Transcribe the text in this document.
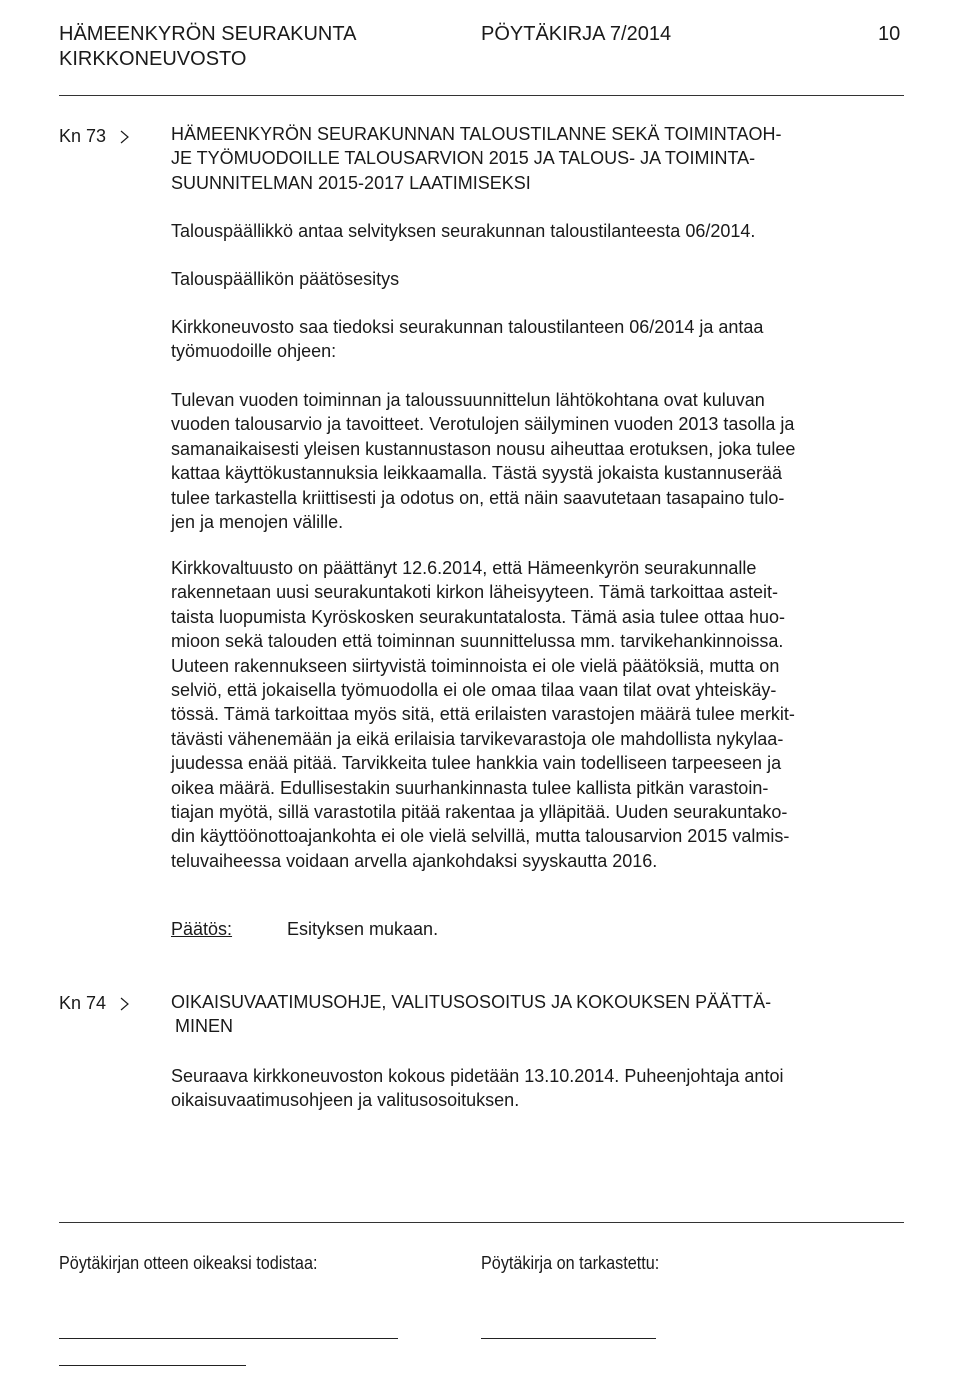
HÄMEENKYRÖN SEURAKUNTA
KIRKKONEUVOSTO
PÖYTÄKIRJA 7/2014	10
Kn 73	HÄMEENKYRÖN SEURAKUNNAN TALOUSTILANNE SEKÄ TOIMINTAOH-
JE TYÖMUODOILLE TALOUSARVION 2015 JA TALOUS- JA TOIMINTA-
SUUNNITELMAN 2015-2017 LAATIMISEKSI
Talouspäällikkö antaa selvityksen seurakunnan taloustilanteesta 06/2014.
Talouspäällikön päätösesitys
Kirkkoneuvosto saa tiedoksi seurakunnan taloustilanteen 06/2014 ja antaa
työmuodoille ohjeen:
Tulevan vuoden toiminnan ja taloussuunnittelun lähtökohtana ovat kuluvan
vuoden talousarvio ja tavoitteet. Verotulojen säilyminen vuoden 2013 tasolla ja
samanaikaisesti yleisen kustannustason nousu aiheuttaa erotuksen, joka tulee
kattaa käyttökustannuksia leikkaamalla. Tästä syystä jokaista kustannuserää
tulee tarkastella kriittisesti ja odotus on, että näin saavutetaan tasapaino tulo-
jen ja menojen välille.
Kirkkovaltuusto on päättänyt 12.6.2014, että Hämeenkyrön seurakunnalle
rakennetaan uusi seurakuntakoti kirkon läheisyyteen. Tämä tarkoittaa asteit-
taista luopumista Kyröskosken seurakuntatalosta. Tämä asia tulee ottaa huo-
mioon sekä talouden että toiminnan suunnittelussa mm. tarvikehankinnoissa.
Uuteen rakennukseen siirtyvistä toiminnoista ei ole vielä päätöksiä, mutta on
selviö, että jokaisella työmuodolla ei ole omaa tilaa vaan tilat ovat yhteiskäy-
tössä. Tämä tarkoittaa myös sitä, että erilaisten varastojen määrä tulee merkit-
tävästi vähenemään ja eikä erilaisia tarvikevarastoja ole mahdollista nykylaa-
juudessa enää pitää. Tarvikkeita tulee hankkia vain todelliseen tarpeeseen ja
oikea määrä. Edullisestakin suurhankinnasta tulee kallista pitkän varastoin-
tiajan myötä, sillä varastotila pitää rakentaa ja ylläpitää. Uuden seurakuntako-
din käyttöönottoajankohta ei ole vielä selvillä, mutta talousarvion 2015 valmis-
teluvaiheessa voidaan arvella ajankohdaksi syyskautta 2016.
Päätös:	Esityksen mukaan.
Kn 74	OIKAISUVAATIMUSOHJE, VALITUSOSOITUS JA KOKOUKSEN PÄÄTTÄ-
MINEN
Seuraava kirkkoneuvoston kokous pidetään 13.10.2014. Puheenjohtaja antoi
oikaisuvaatimusohjeen ja valitusosoituksen.
Pöytäkirjan otteen oikeaksi todistaa:	Pöytäkirja on tarkastettu:
